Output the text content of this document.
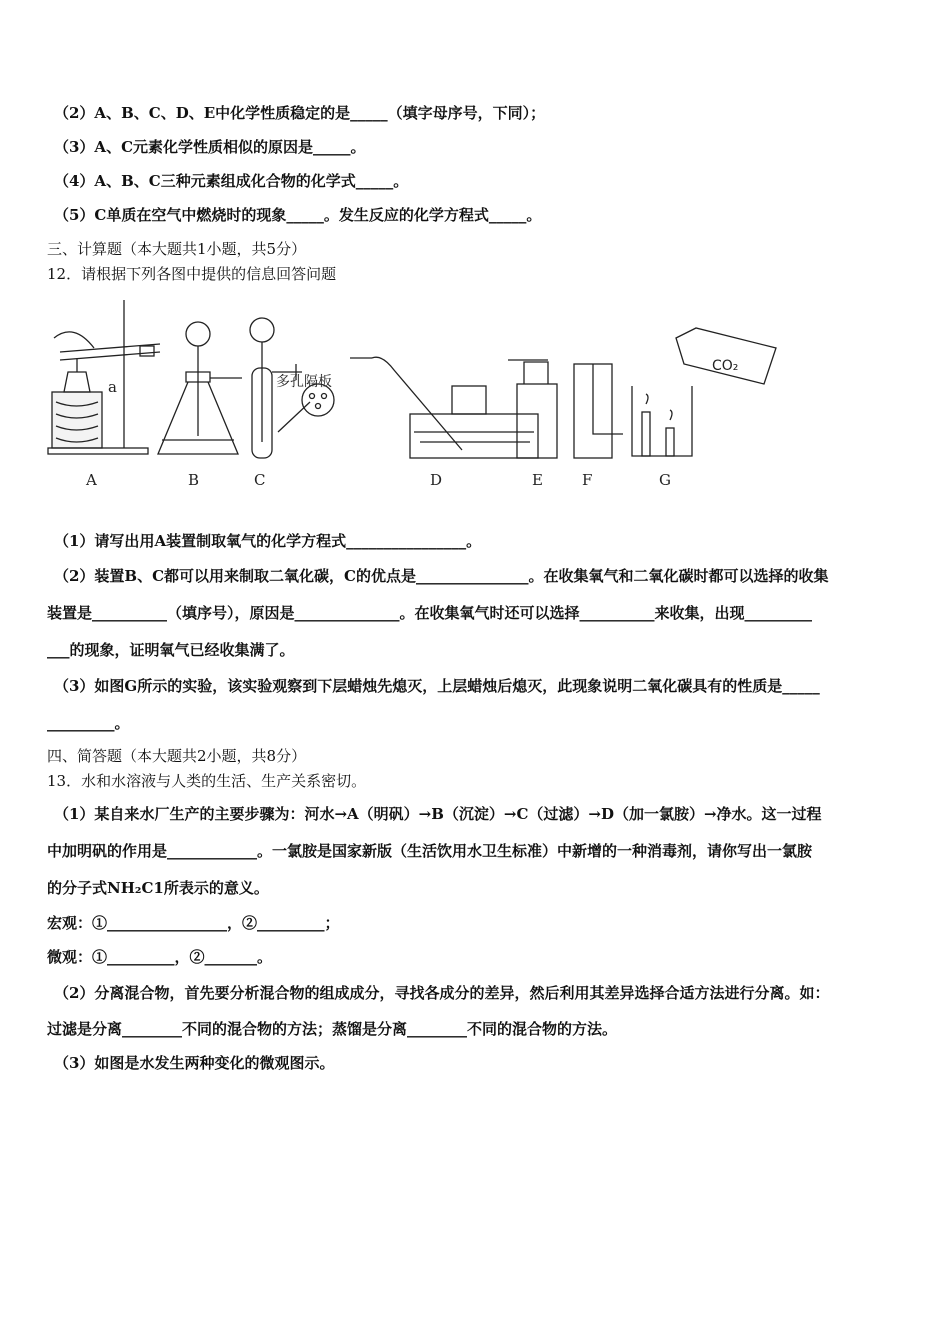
（2）A、B、C、D、E中化学性质稳定的是_____（填字母序号，下同）；
（3）A、C元素化学性质相似的原因是_____。
（4）A、B、C三种元素组成化合物的化学式_____。
（5）C单质在空气中燃烧时的现象_____。发生反应的化学方程式_____。
三、计算题（本大题共1小题，共5分）
12．请根据下列各图中提供的信息回答问题
a	多孔隔板
CO₂
A	B	C	D	E	F	G
（1）请写出用A装置制取氧气的化学方程式________________。
（2）装置B、C都可以用来制取二氧化碳，C的优点是_______________。在收集氧气和二氧化碳时都可以选择的收集
装置是__________（填序号），原因是______________。在收集氧气时还可以选择__________来收集，出现_________
___的现象，证明氧气已经收集满了。
（3）如图G所示的实验，该实验观察到下层蜡烛先熄灭，上层蜡烛后熄灭，此现象说明二氧化碳具有的性质是_____
_________。
四、简答题（本大题共2小题，共8分）
13．水和水溶液与人类的生活、生产关系密切。
（1）某自来水厂生产的主要步骤为：河水→A（明矾）→B（沉淀）→C（过滤）→D（加一氯胺）→净水。这一过程
中加明矾的作用是____________。一氯胺是国家新版（生活饮用水卫生标准）中新增的一种消毒剂，请你写出一氯胺
的分子式NH₂C1所表示的意义。
宏观：①________________，②_________；
微观：①_________，②_______。
（2）分离混合物，首先要分析混合物的组成成分，寻找各成分的差异，然后利用其差异选择合适方法进行分离。如：
过滤是分离________不同的混合物的方法；蒸馏是分离________不同的混合物的方法。
（3）如图是水发生两种变化的微观图示。
